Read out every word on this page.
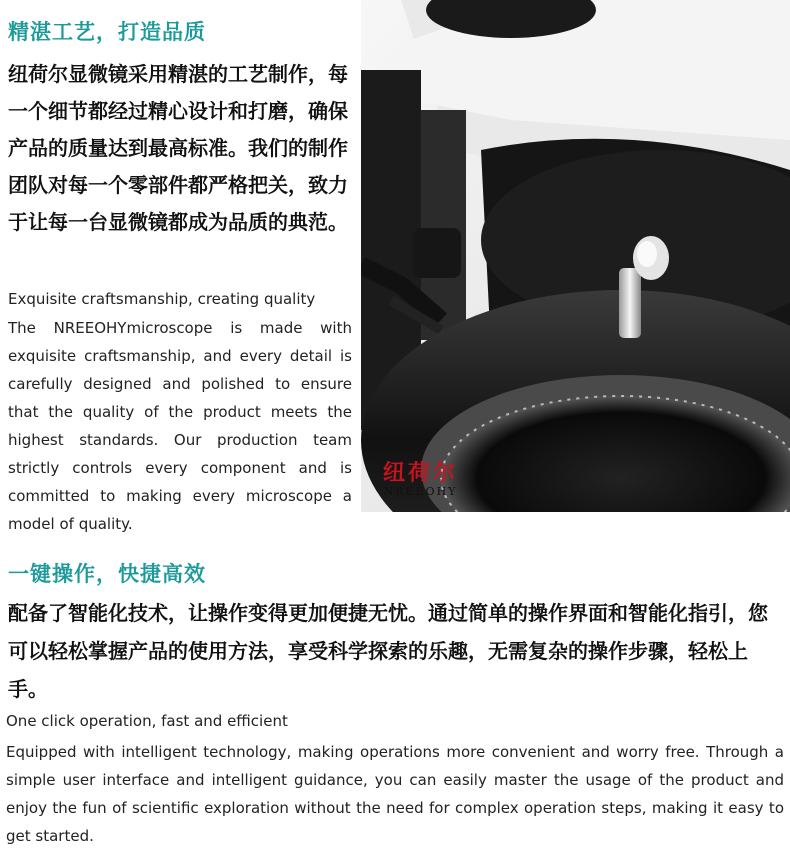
精湛工艺，打造品质
纽荷尔显微镜采用精湛的工艺制作，每一个细节都经过精心设计和打磨，确保产品的质量达到最高标准。我们的制作团队对每一个零部件都严格把关，致力于让每一台显微镜都成为品质的典范。
Exquisite craftsmanship, creating quality
The NREEOHYmicroscope is made with exquisite craftsmanship, and every detail is carefully designed and polished to ensure that the quality of the product meets the highest standards. Our production team strictly controls every component and is committed to making every microscope a model of quality.
纽荷尔
NREEOHY
一键操作，快捷高效
配备了智能化技术，让操作变得更加便捷无忧。通过简单的操作界面和智能化指引，您可以轻松掌握产品的使用方法，享受科学探索的乐趣，无需复杂的操作步骤，轻松上手。
One click operation, fast and efficient
Equipped with intelligent technology, making operations more convenient and worry free. Through a simple user interface and intelligent guidance, you can easily master the usage of the product and enjoy the fun of scientific exploration without the need for complex operation steps, making it easy to get started.
